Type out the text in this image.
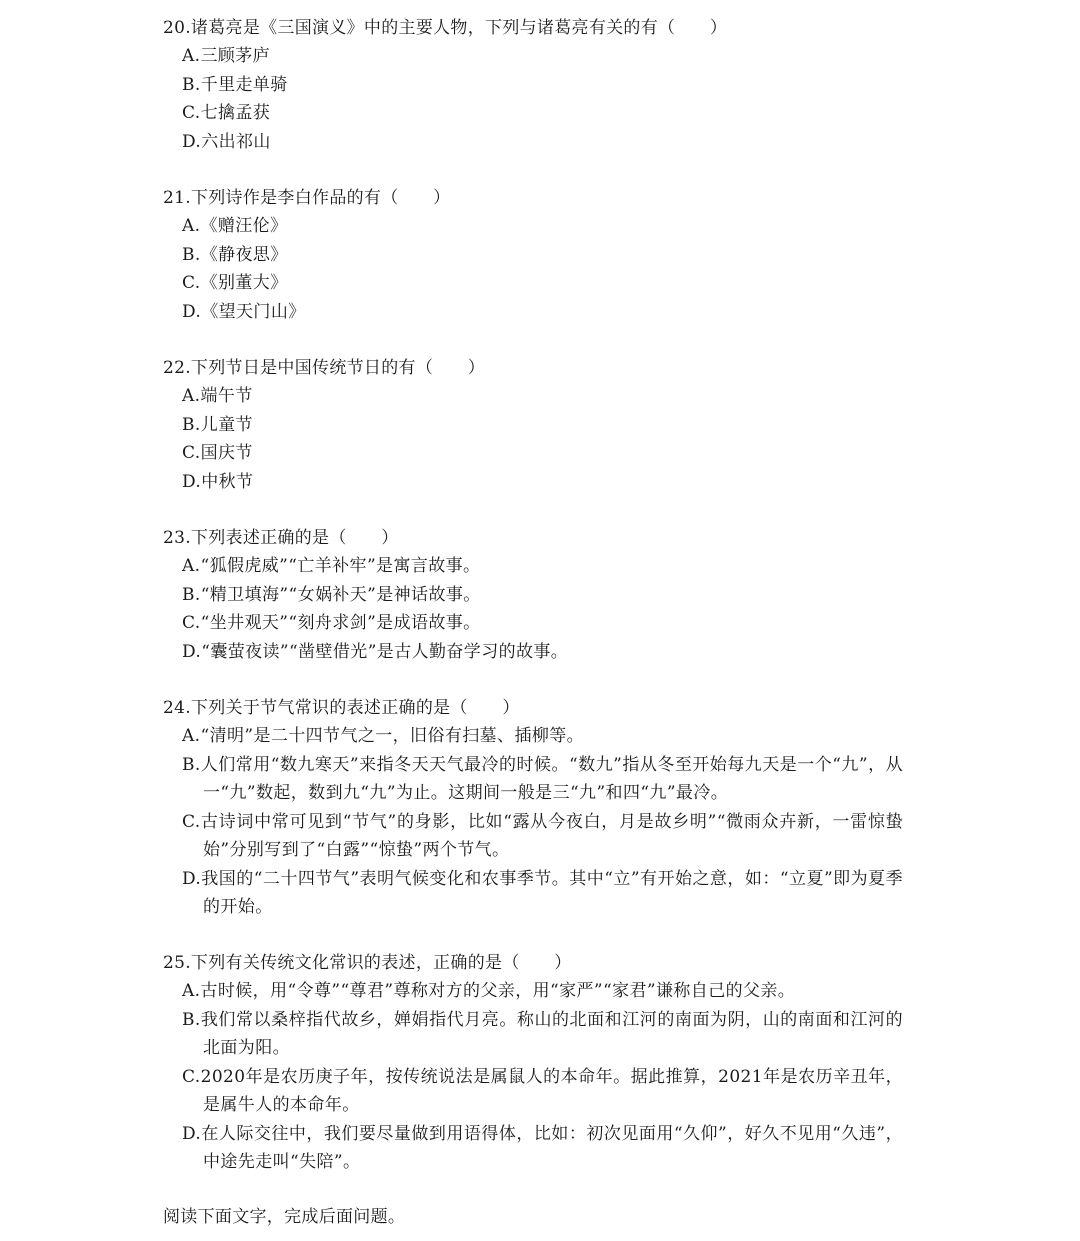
20.诸葛亮是《三国演义》中的主要人物，下列与诸葛亮有关的有（　　）
A.三顾茅庐
B.千里走单骑
C.七擒孟获
D.六出祁山
21.下列诗作是李白作品的有（　　）
A.《赠汪伦》
B.《静夜思》
C.《别董大》
D.《望天门山》
22.下列节日是中国传统节日的有（　　）
A.端午节
B.儿童节
C.国庆节
D.中秋节
23.下列表述正确的是（　　）
A.“狐假虎威”“亡羊补牢”是寓言故事。
B.“精卫填海”“女娲补天”是神话故事。
C.“坐井观天”“刻舟求剑”是成语故事。
D.“囊萤夜读”“凿壁借光”是古人勤奋学习的故事。
24.下列关于节气常识的表述正确的是（　　）
A.“清明”是二十四节气之一，旧俗有扫墓、插柳等。
B.人们常用“数九寒天”来指冬天天气最冷的时候。“数九”指从冬至开始每九天是一个“九”，从一“九”数起，数到九“九”为止。这期间一般是三“九”和四“九”最冷。
C.古诗词中常可见到“节气”的身影，比如“露从今夜白，月是故乡明”“微雨众卉新，一雷惊蛰始”分别写到了“白露”“惊蛰”两个节气。
D.我国的“二十四节气”表明气候变化和农事季节。其中“立”有开始之意，如：“立夏”即为夏季的开始。
25.下列有关传统文化常识的表述，正确的是（　　）
A.古时候，用“令尊”“尊君”尊称对方的父亲，用“家严”“家君”谦称自己的父亲。
B.我们常以桑梓指代故乡，婵娟指代月亮。称山的北面和江河的南面为阴，山的南面和江河的北面为阳。
C.2020年是农历庚子年，按传统说法是属鼠人的本命年。据此推算，2021年是农历辛丑年，是属牛人的本命年。
D.在人际交往中，我们要尽量做到用语得体，比如：初次见面用“久仰”，好久不见用“久违”，中途先走叫“失陪”。
阅读下面文字，完成后面问题。
